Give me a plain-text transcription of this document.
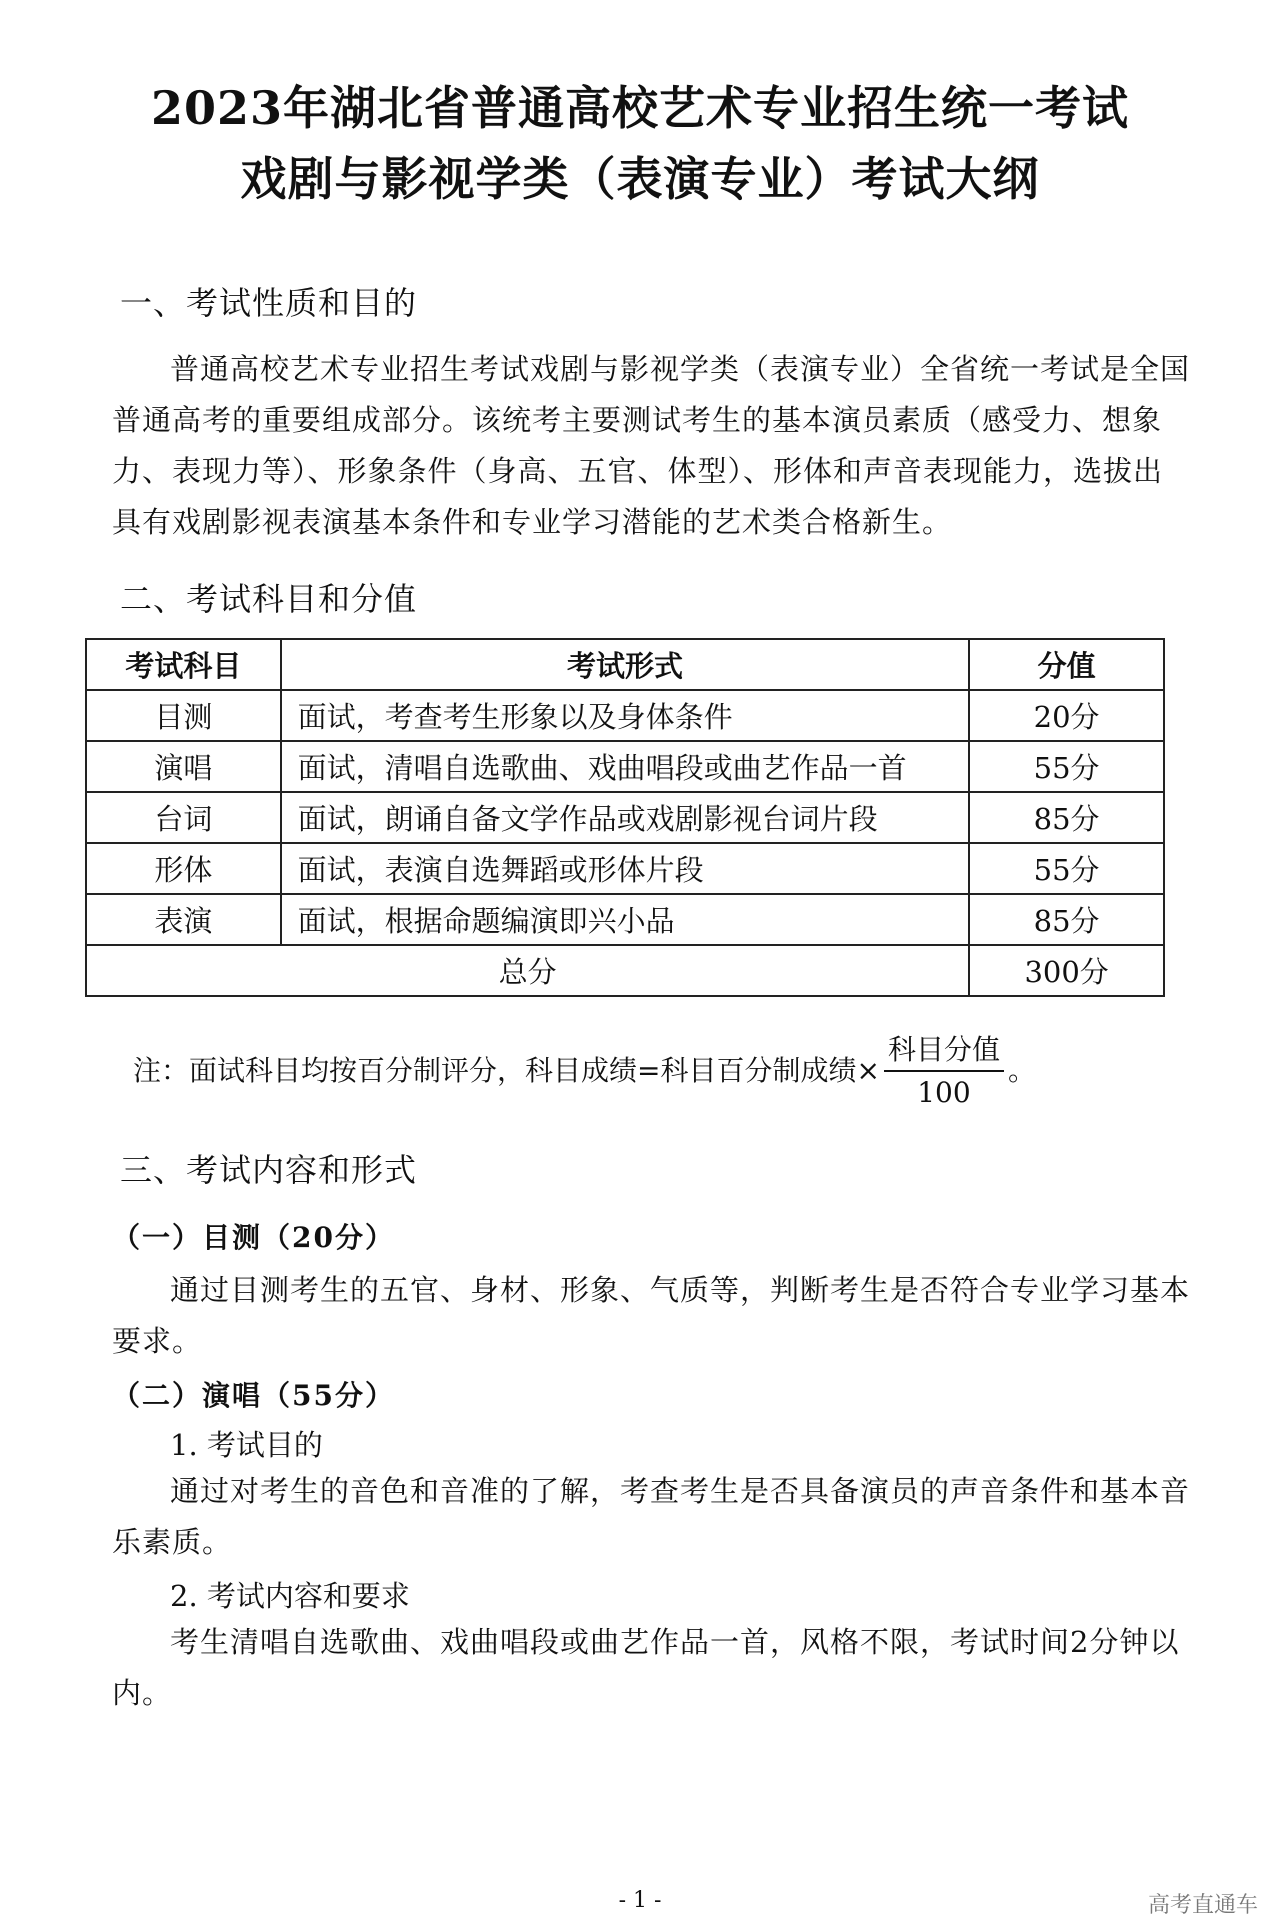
2023年湖北省普通高校艺术专业招生统一考试
戏剧与影视学类（表演专业）考试大纲
一、考试性质和目的
普通高校艺术专业招生考试戏剧与影视学类（表演专业）全省统一考试是全国普通高考的重要组成部分。该统考主要测试考生的基本演员素质（感受力、想象力、表现力等）、形象条件（身高、五官、体型）、形体和声音表现能力，选拔出具有戏剧影视表演基本条件和专业学习潜能的艺术类合格新生。
二、考试科目和分值
考试科目	考试形式	分值
目测	面试，考查考生形象以及身体条件	20分
演唱	面试，清唱自选歌曲、戏曲唱段或曲艺作品一首	55分
台词	面试，朗诵自备文学作品或戏剧影视台词片段	85分
形体	面试，表演自选舞蹈或形体片段	55分
表演	面试，根据命题编演即兴小品	85分
总分		300分
注：面试科目均按百分制评分，科目成绩=科目百分制成绩× $\frac{\text{科目分值}}{100}$ 。
三、考试内容和形式
（一）目测（20分）
通过目测考生的五官、身材、形象、气质等，判断考生是否符合专业学习基本要求。
（二）演唱（55分）
1. 考试目的
通过对考生的音色和音准的了解，考查考生是否具备演员的声音条件和基本音乐素质。
2. 考试内容和要求
考生清唱自选歌曲、戏曲唱段或曲艺作品一首，风格不限，考试时间2分钟以内。
- 1 -	高考直通车
